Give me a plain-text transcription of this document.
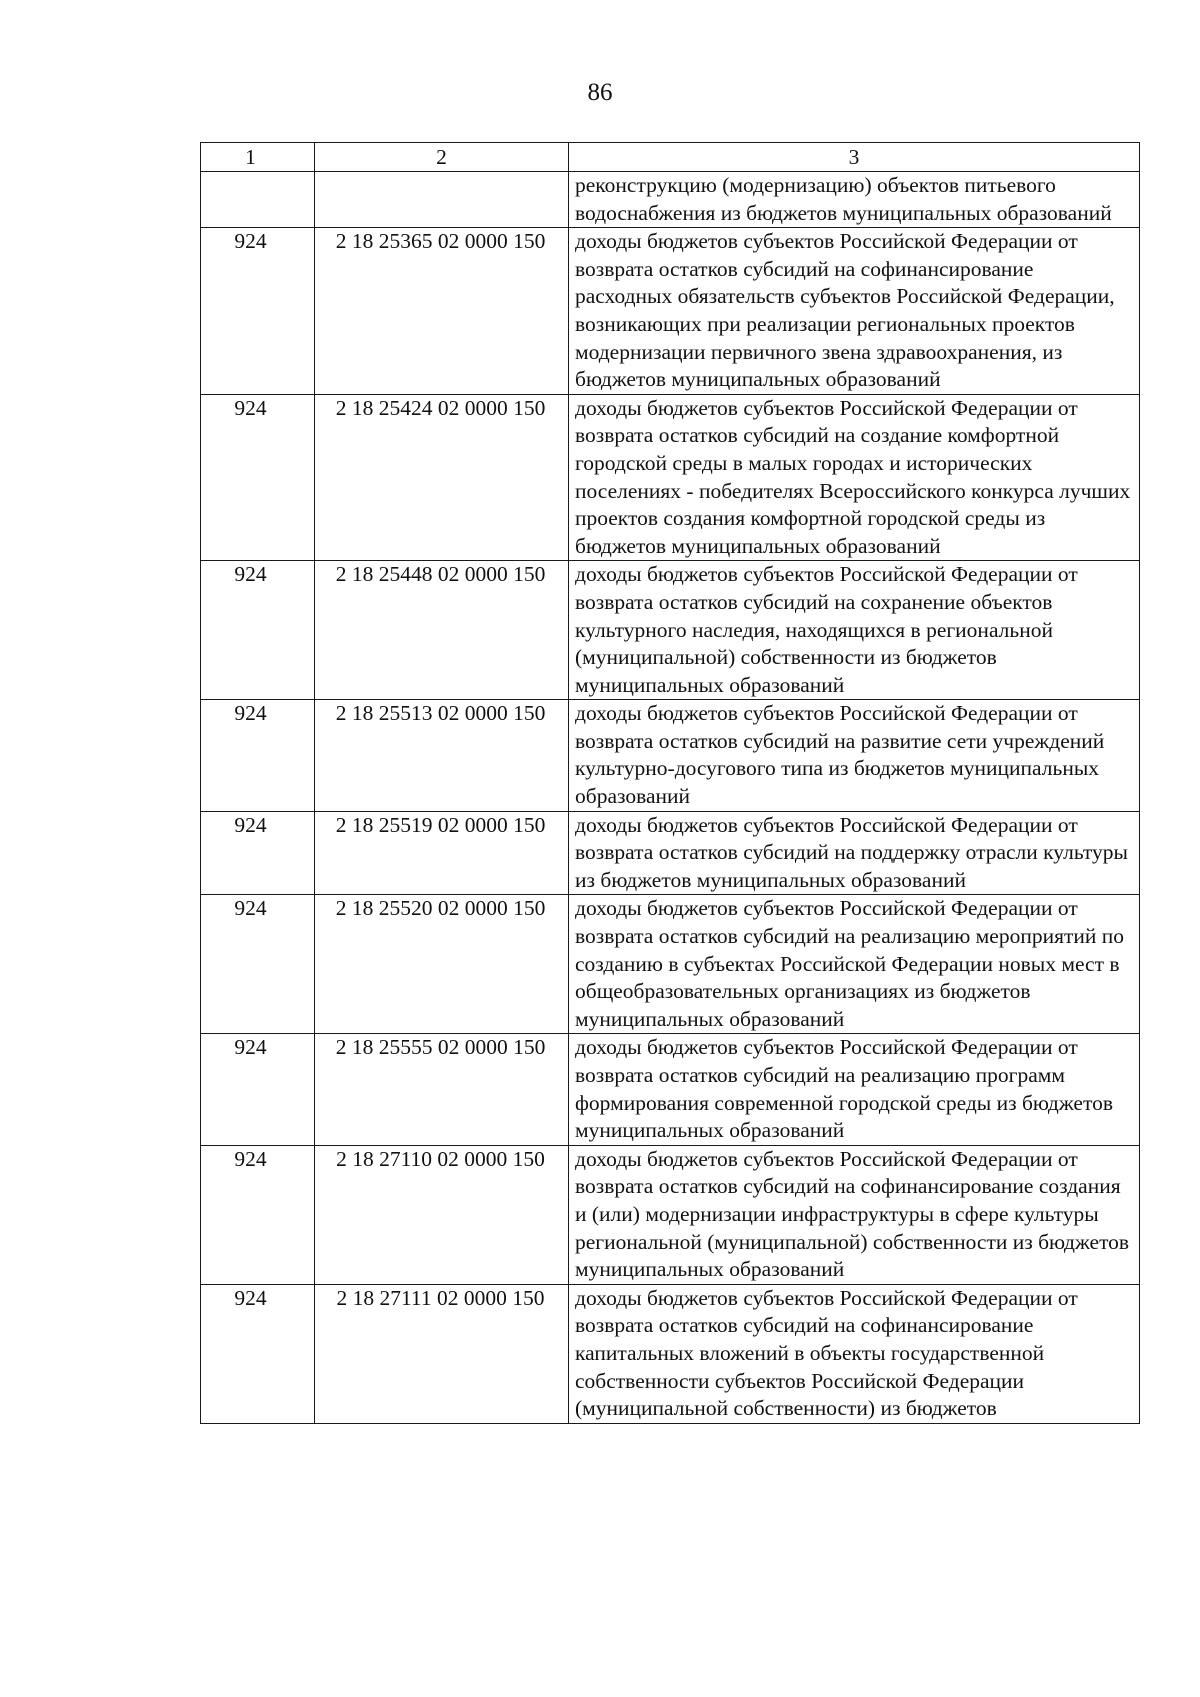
86
1	2	3
		реконструкцию (модернизацию) объектов питьевого водоснабжения из бюджетов муниципальных образований
924	2 18 25365 02 0000 150	доходы бюджетов субъектов Российской Федерации от возврата остатков субсидий на софинансирование расходных обязательств субъектов Российской Федерации, возникающих при реализации региональных проектов модернизации первичного звена здравоохранения, из бюджетов муниципальных образований
924	2 18 25424 02 0000 150	доходы бюджетов субъектов Российской Федерации от возврата остатков субсидий на создание комфортной городской среды в малых городах и исторических поселениях - победителях Всероссийского конкурса лучших проектов создания комфортной городской среды из бюджетов муниципальных образований
924	2 18 25448 02 0000 150	доходы бюджетов субъектов Российской Федерации от возврата остатков субсидий на сохранение объектов культурного наследия, находящихся в региональной (муниципальной) собственности из бюджетов муниципальных образований
924	2 18 25513 02 0000 150	доходы бюджетов субъектов Российской Федерации от возврата остатков субсидий на развитие сети учреждений культурно-досугового типа из бюджетов муниципальных образований
924	2 18 25519 02 0000 150	доходы бюджетов субъектов Российской Федерации от возврата остатков субсидий на поддержку отрасли культуры из бюджетов муниципальных образований
924	2 18 25520 02 0000 150	доходы бюджетов субъектов Российской Федерации от возврата остатков субсидий на реализацию мероприятий по созданию в субъектах Российской Федерации новых мест в общеобразовательных организациях из бюджетов муниципальных образований
924	2 18 25555 02 0000 150	доходы бюджетов субъектов Российской Федерации от возврата остатков субсидий на реализацию программ формирования современной городской среды из бюджетов муниципальных образований
924	2 18 27110 02 0000 150	доходы бюджетов субъектов Российской Федерации от возврата остатков субсидий на софинансирование создания и (или) модернизации инфраструктуры в сфере культуры региональной (муниципальной) собственности из бюджетов муниципальных образований
924	2 18 27111 02 0000 150	доходы бюджетов субъектов Российской Федерации от возврата остатков субсидий на софинансирование капитальных вложений в объекты государственной собственности субъектов Российской Федерации (муниципальной собственности) из бюджетов
